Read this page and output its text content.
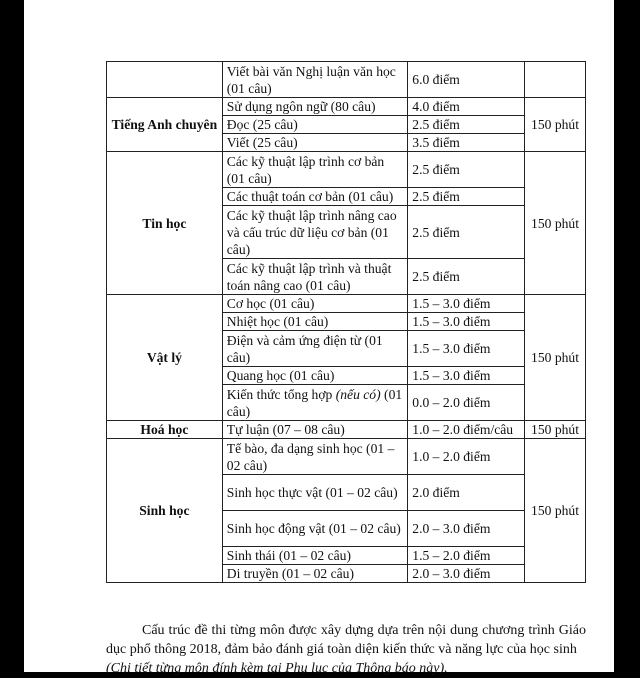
	Viết bài văn Nghị luận văn học (01 câu)	6.0 điểm	
Tiếng Anh chuyên	Sử dụng ngôn ngữ (80 câu)	4.0 điểm	150 phút
	Đọc (25 câu)	2.5 điểm	
	Viết (25 câu)	3.5 điểm	
Tin học	Các kỹ thuật lập trình cơ bản (01 câu)	2.5 điểm	150 phút
	Các thuật toán cơ bản (01 câu)	2.5 điểm	
	Các kỹ thuật lập trình nâng cao và cấu trúc dữ liệu cơ bản (01 câu)	2.5 điểm	
	Các kỹ thuật lập trình và thuật toán nâng cao (01 câu)	2.5 điểm	
Vật lý	Cơ học (01 câu)	1.5 – 3.0 điểm	150 phút
	Nhiệt học (01 câu)	1.5 – 3.0 điểm	
	Điện và cảm ứng điện từ (01 câu)	1.5 – 3.0 điểm	
	Quang học (01 câu)	1.5 – 3.0 điểm	
	Kiến thức tổng hợp (nếu có) (01 câu)	0.0 – 2.0 điểm	
Hoá học	Tự luận (07 – 08 câu)	1.0 – 2.0 điểm/câu	150 phút
Sinh học	Tế bào, đa dạng sinh học (01 – 02 câu)	1.0 – 2.0 điểm	150 phút
	Sinh học thực vật (01 – 02 câu)	2.0 điểm	
	Sinh học động vật (01 – 02 câu)	2.0 – 3.0 điểm	
	Sinh thái (01 – 02 câu)	1.5 – 2.0 điểm	
	Di truyền (01 – 02 câu)	2.0 – 3.0 điểm	

Cấu trúc đề thi từng môn được xây dựng dựa trên nội dung chương trình Giáo dục phổ thông 2018, đảm bảo đánh giá toàn diện kiến thức và năng lực của học sinh

(Chi tiết từng môn đính kèm tại Phụ lục của Thông báo này).
